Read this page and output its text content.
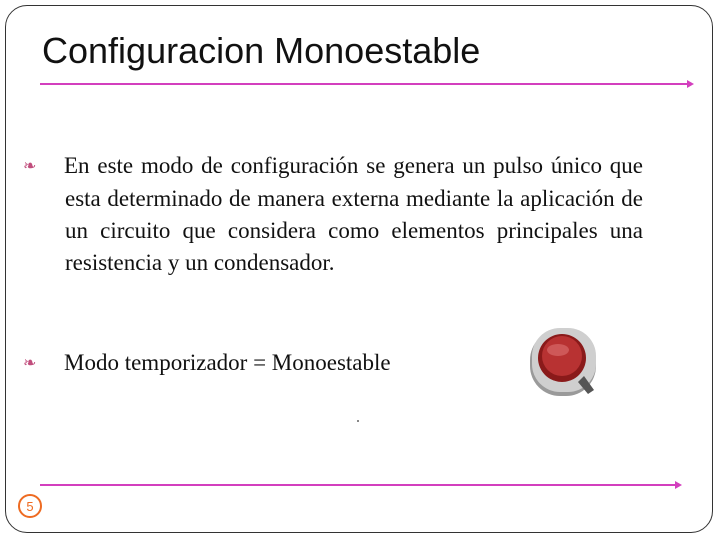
Configuracion Monoestable
❧ En este modo de configuración se genera un pulso único que esta determinado de manera externa mediante la aplicación de un circuito que considera como elementos principales una resistencia y un condensador.
❧ Modo temporizador = Monoestable
5
